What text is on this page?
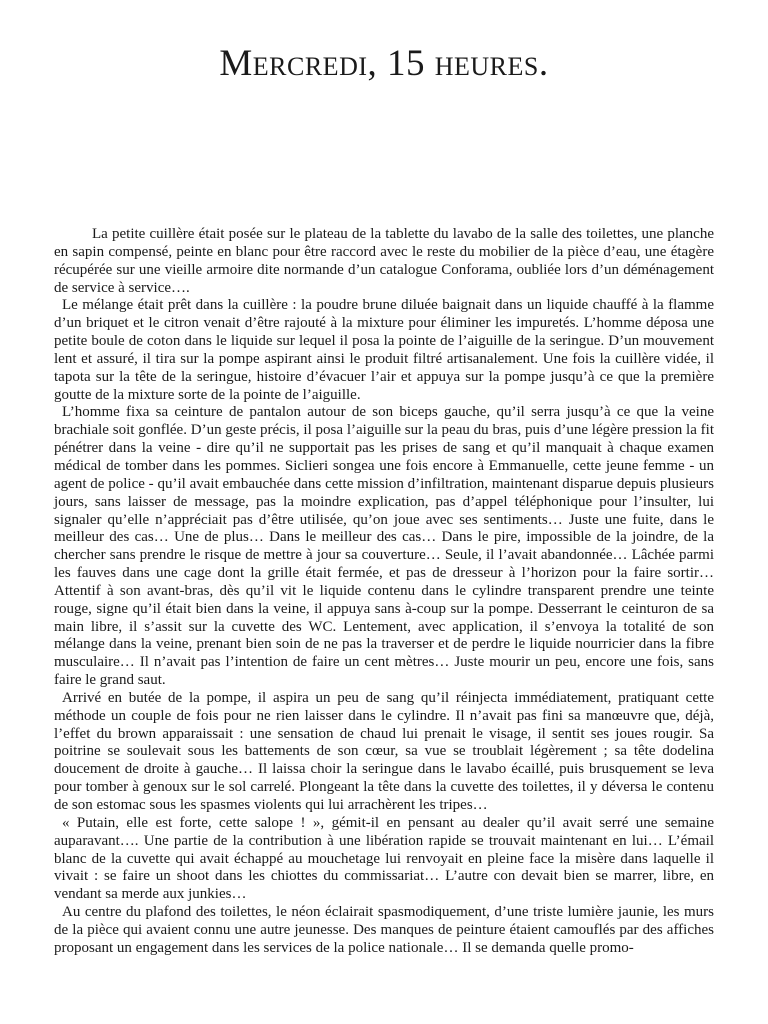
Mercredi, 15 heures.

La petite cuillère était posée sur le plateau de la tablette du lavabo de la salle des toilettes, une planche en sapin compensé, peinte en blanc pour être raccord avec le reste du mobilier de la pièce d’eau, une étagère récupérée sur une vieille armoire dite normande d’un catalogue Conforama, oubliée lors d’un déménagement de service à service….

Le mélange était prêt dans la cuillère : la poudre brune diluée baignait dans un liquide chauffé à la flamme d’un briquet et le citron venait d’être rajouté à la mixture pour éliminer les impuretés. L’homme déposa une petite boule de coton dans le liquide sur lequel il posa la pointe de l’aiguille de la seringue. D’un mouvement lent et assuré, il tira sur la pompe aspirant ainsi le produit filtré artisanalement. Une fois la cuillère vidée, il tapota sur la tête de la seringue, histoire d’évacuer l’air et appuya sur la pompe jusqu’à ce que la première goutte de la mixture sorte de la pointe de l’aiguille.

L’homme fixa sa ceinture de pantalon autour de son biceps gauche, qu’il serra jusqu’à ce que la veine brachiale soit gonflée. D’un geste précis, il posa l’aiguille sur la peau du bras, puis d’une légère pression la fit pénétrer dans la veine - dire qu’il ne supportait pas les prises de sang et qu’il manquait à chaque examen médical de tomber dans les pommes. Siclieri songea une fois encore à Emmanuelle, cette jeune femme - un agent de police - qu’il avait embauchée dans cette mission d’infiltration, maintenant disparue depuis plusieurs jours, sans laisser de message, pas la moindre explication, pas d’appel téléphonique pour l’insulter, lui signaler qu’elle n’appréciait pas d’être utilisée, qu’on joue avec ses sentiments… Juste une fuite, dans le meilleur des cas… Une de plus… Dans le meilleur des cas… Dans le pire, impossible de la joindre, de la chercher sans prendre le risque de mettre à jour sa couverture… Seule, il l’avait abandonnée… Lâchée parmi les fauves dans une cage dont la grille était fermée, et pas de dresseur à l’horizon pour la faire sortir… Attentif à son avant-bras, dès qu’il vit le liquide contenu dans le cylindre transparent prendre une teinte rouge, signe qu’il était bien dans la veine, il appuya sans à-coup sur la pompe. Desserrant le ceinturon de sa main libre, il s’assit sur la cuvette des WC. Lentement, avec application, il s’envoya la totalité de son mélange dans la veine, prenant bien soin de ne pas la traverser et de perdre le liquide nourricier dans la fibre musculaire… Il n’avait pas l’intention de faire un cent mètres… Juste mourir un peu, encore une fois, sans faire le grand saut.

Arrivé en butée de la pompe, il aspira un peu de sang qu’il réinjecta immédiatement, pratiquant cette méthode un couple de fois pour ne rien laisser dans le cylindre. Il n’avait pas fini sa manœuvre que, déjà, l’effet du brown apparaissait : une sensation de chaud lui prenait le visage, il sentit ses joues rougir. Sa poitrine se soulevait sous les battements de son cœur, sa vue se troublait légèrement ; sa tête dodelina doucement de droite à gauche… Il laissa choir la seringue dans le lavabo écaillé, puis brusquement se leva pour tomber à genoux sur le sol carrelé. Plongeant la tête dans la cuvette des toilettes, il y déversa le contenu de son estomac sous les spasmes violents qui lui arrachèrent les tripes…

« Putain, elle est forte, cette salope ! », gémit-il en pensant au dealer qu’il avait serré une semaine auparavant…. Une partie de la contribution à une libération rapide se trouvait maintenant en lui… L’émail blanc de la cuvette qui avait échappé au mouchetage lui renvoyait en pleine face la misère dans laquelle il vivait : se faire un shoot dans les chiottes du commissariat… L’autre con devait bien se marrer, libre, en vendant sa merde aux junkies…

Au centre du plafond des toilettes, le néon éclairait spasmodiquement, d’une triste lumière jaunie, les murs de la pièce qui avaient connu une autre jeunesse. Des manques de peinture étaient camouflés par des affiches proposant un engagement dans les services de la police nationale… Il se demanda quelle promo-
